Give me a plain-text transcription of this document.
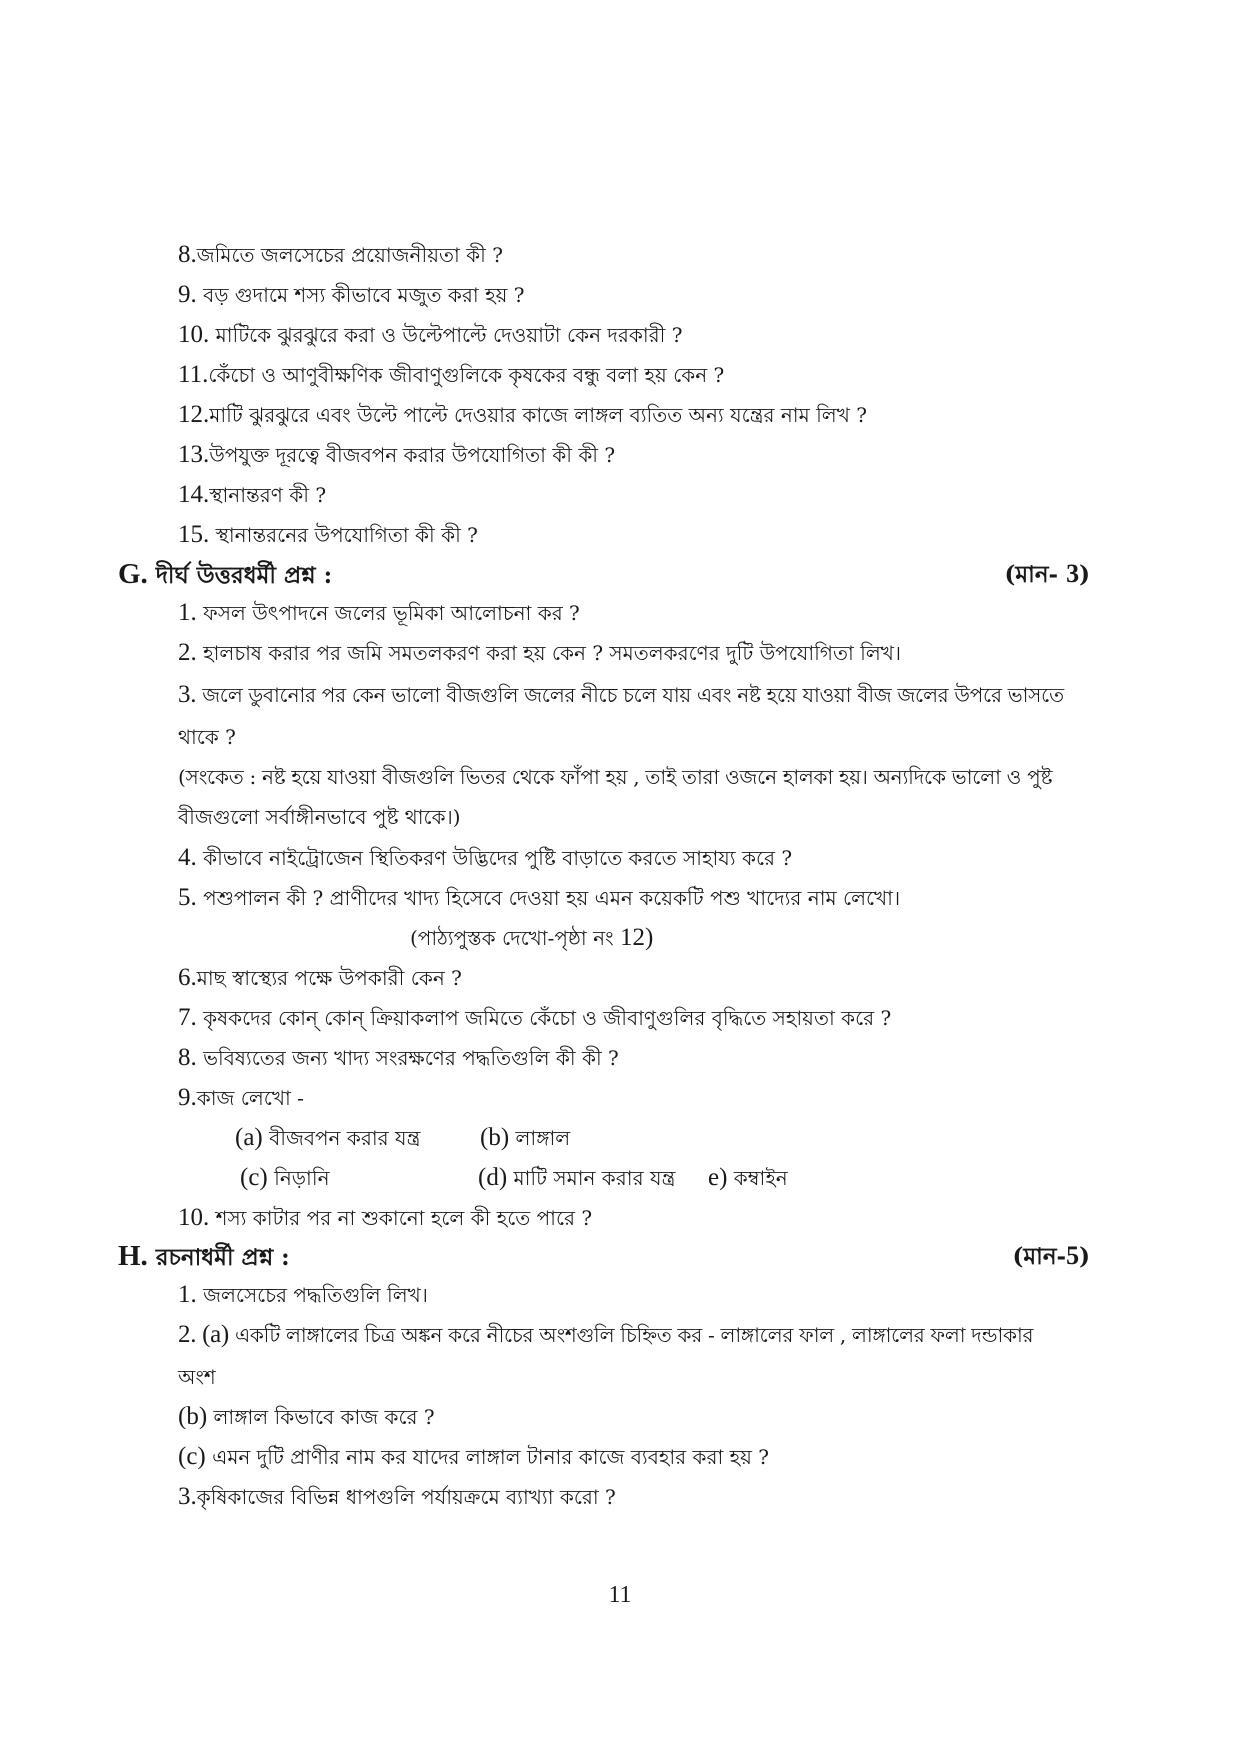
8.জমিতে জলসেচের প্রয়োজনীয়তা কী ?
9. বড় গুদামে শস্য কীভাবে মজুত করা হয় ?
10. মাটিকে ঝুরঝুরে করা ও উল্টেপাল্টে দেওয়াটা কেন দরকারী ?
11.কেঁচো ও আণুবীক্ষণিক জীবাণুগুলিকে কৃষকের বন্ধু বলা হয় কেন ?
12.মাটি ঝুরঝুরে এবং উল্টে পাল্টে দেওয়ার কাজে লাঙ্গল ব্যতিত অন্য যন্ত্রের নাম লিখ ?
13.উপযুক্ত দূরত্বে বীজবপন করার উপযোগিতা কী কী ?
14.স্থানান্তরণ কী ?
15. স্থানান্তরনের উপযোগিতা কী কী ?
G. দীর্ঘ উত্তরধর্মী প্রশ্ন :	(মান- 3)
1. ফসল উৎপাদনে জলের ভূমিকা আলোচনা কর ?
2. হালচাষ করার পর জমি সমতলকরণ করা হয় কেন ? সমতলকরণের দুটি উপযোগিতা লিখ।
3. জলে ডুবানোর পর কেন ভালো বীজগুলি জলের নীচে চলে যায় এবং নষ্ট হয়ে যাওয়া বীজ জলের উপরে ভাসতে
থাকে ?
(সংকেত : নষ্ট হয়ে যাওয়া বীজগুলি ভিতর থেকে ফাঁপা হয় , তাই তারা ওজনে হালকা হয়। অন্যদিকে ভালো ও পুষ্ট
বীজগুলো সর্বাঙ্গীনভাবে পুষ্ট থাকে।)
4. কীভাবে নাইট্রোজেন স্থিতিকরণ উদ্ভিদের পুষ্টি বাড়াতে করতে সাহায্য করে ?
5. পশুপালন কী ? প্রাণীদের খাদ্য হিসেবে দেওয়া হয় এমন কয়েকটি পশু খাদ্যের নাম লেখো।
(পাঠ্যপুস্তক দেখো-পৃষ্ঠা নং 12)
6.মাছ স্বাস্থ্যের পক্ষে উপকারী কেন ?
7. কৃষকদের কোন্ কোন্ ক্রিয়াকলাপ জমিতে কেঁচো ও জীবাণুগুলির বৃদ্ধিতে সহায়তা করে ?
8. ভবিষ্যতের জন্য খাদ্য সংরক্ষণের পদ্ধতিগুলি কী কী ?
9.কাজ লেখো -
(a) বীজবপন করার যন্ত্র (b) লাঙ্গাল
(c) নিড়ানি	(d) মাটি সমান করার যন্ত্র e) কম্বাইন
10. শস্য কাটার পর না শুকানো হলে কী হতে পারে ?
H. রচনাধর্মী প্রশ্ন :	(মান-5)
1. জলসেচের পদ্ধতিগুলি লিখ।
2. (a) একটি লাঙ্গালের চিত্র অঙ্কন করে নীচের অংশগুলি চিহ্নিত কর - লাঙ্গালের ফাল , লাঙ্গালের ফলা দন্ডাকার
অংশ
(b) লাঙ্গাল কিভাবে কাজ করে ?
(c) এমন দুটি প্রাণীর নাম কর যাদের লাঙ্গাল টানার কাজে ব্যবহার করা হয় ?
3.কৃষিকাজের বিভিন্ন ধাপগুলি পর্যায়ক্রমে ব্যাখ্যা করো ?
11
